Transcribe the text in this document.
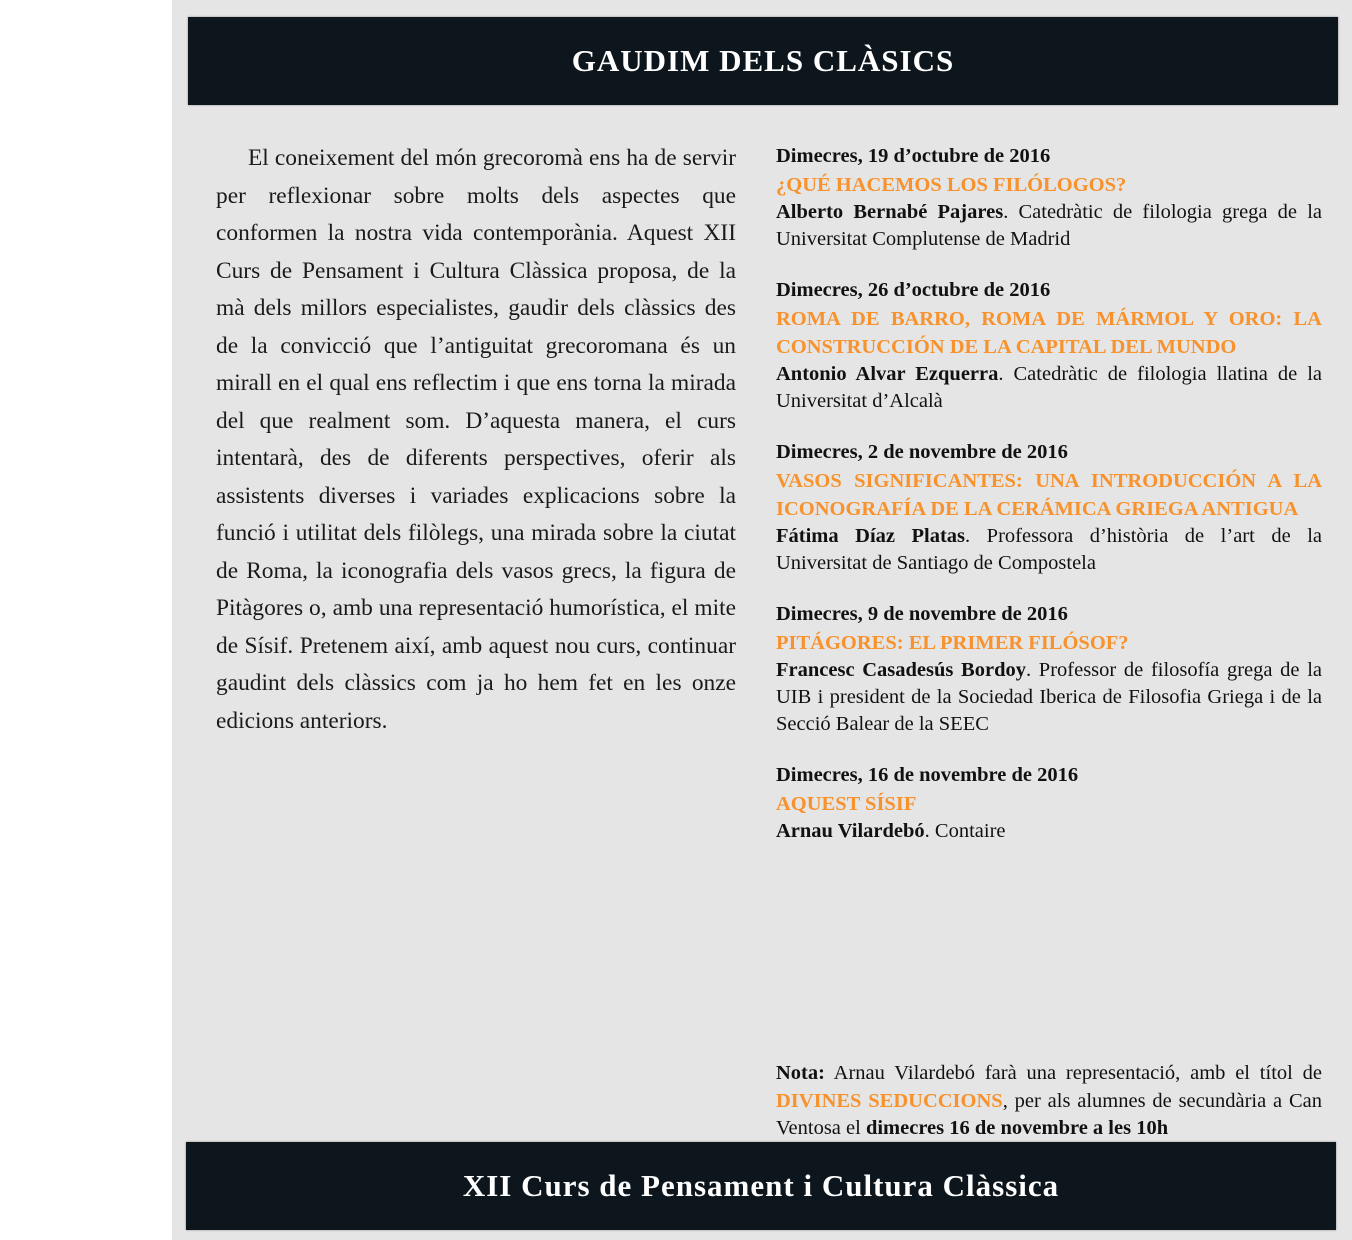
GAUDIM DELS CLÀSICS

El coneixement del món grecoromà ens ha de servir per reflexionar sobre molts dels aspectes que conformen la nostra vida contemporània. Aquest XII Curs de Pensament i Cultura Clàssica proposa, de la mà dels millors especialistes, gaudir dels clàssics des de la convicció que l’antiguitat grecoromana és un mirall en el qual ens reflectim i que ens torna la mirada del que realment som. D’aquesta manera, el curs intentarà, des de diferents perspectives, oferir als assistents diverses i variades explicacions sobre la funció i utilitat dels filòlegs, una mirada sobre la ciutat de Roma, la iconografia dels vasos grecs, la figura de Pitàgores o, amb una representació humorística, el mite de Sísif. Pretenem així, amb aquest nou curs, continuar gaudint dels clàssics com ja ho hem fet en les onze edicions anteriors.

Dimecres, 19 d’octubre de 2016
¿QUÉ HACEMOS LOS FILÓLOGOS?
Alberto Bernabé Pajares. Catedràtic de filologia grega de la Universitat Complutense de Madrid
Dimecres, 26 d’octubre de 2016
ROMA DE BARRO, ROMA DE MÁRMOL Y ORO: LA CONSTRUCCIÓN DE LA CAPITAL DEL MUNDO
Antonio Alvar Ezquerra. Catedràtic de filologia llatina de la Universitat d’Alcalà
Dimecres, 2 de novembre de 2016
VASOS SIGNIFICANTES: UNA INTRODUCCIÓN A LA ICONOGRAFÍA DE LA CERÁMICA GRIEGA ANTIGUA
Fátima Díaz Platas. Professora d’història de l’art de la Universitat de Santiago de Compostela
Dimecres, 9 de novembre de 2016
PITÁGORES: EL PRIMER FILÓSOF?
Francesc Casadesús Bordoy. Professor de filosofía grega de la UIB i president de la Sociedad Iberica de Filosofia Griega i de la Secció Balear de la SEEC
Dimecres, 16 de novembre de 2016
AQUEST SÍSIF
Arnau Vilardebó. Contaire
Nota: Arnau Vilardebó farà una representació, amb el títol de DIVINES SEDUCCIONS, per als alumnes de secundària a Can Ventosa el dimecres 16 de novembre a les 10h
XII Curs de Pensament i Cultura Clàssica
